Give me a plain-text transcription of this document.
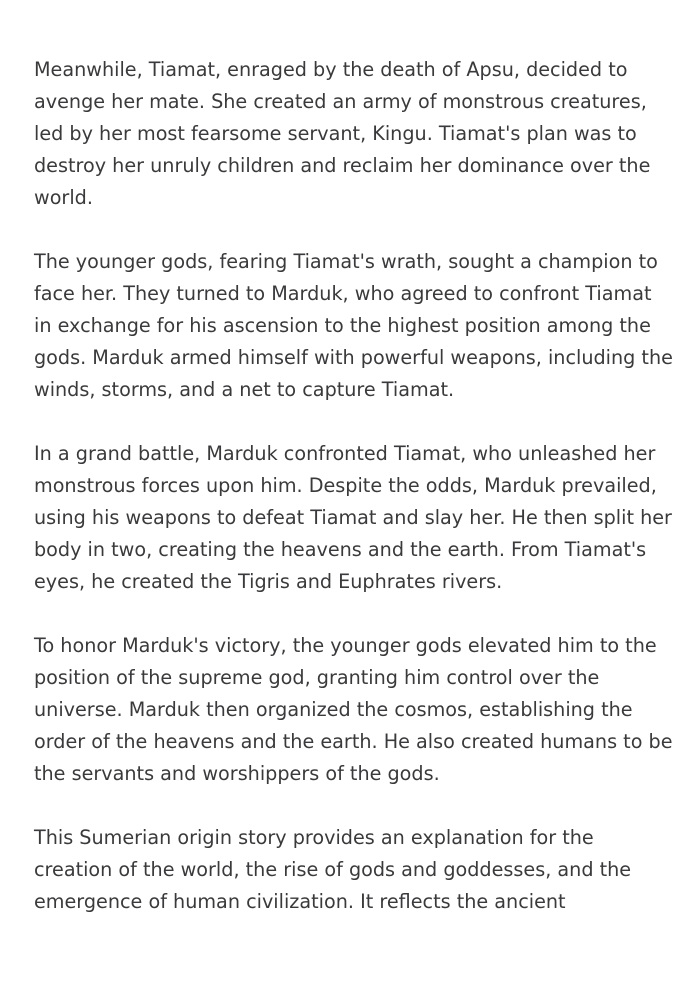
Meanwhile, Tiamat, enraged by the death of Apsu, decided to avenge her mate. She created an army of monstrous creatures, led by her most fearsome servant, Kingu. Tiamat's plan was to destroy her unruly children and reclaim her dominance over the world.

The younger gods, fearing Tiamat's wrath, sought a champion to face her. They turned to Marduk, who agreed to confront Tiamat in exchange for his ascension to the highest position among the gods. Marduk armed himself with powerful weapons, including the winds, storms, and a net to capture Tiamat.

In a grand battle, Marduk confronted Tiamat, who unleashed her monstrous forces upon him. Despite the odds, Marduk prevailed, using his weapons to defeat Tiamat and slay her. He then split her body in two, creating the heavens and the earth. From Tiamat's eyes, he created the Tigris and Euphrates rivers.

To honor Marduk's victory, the younger gods elevated him to the position of the supreme god, granting him control over the universe. Marduk then organized the cosmos, establishing the order of the heavens and the earth. He also created humans to be the servants and worshippers of the gods.

This Sumerian origin story provides an explanation for the creation of the world, the rise of gods and goddesses, and the emergence of human civilization. It reflects the ancient
